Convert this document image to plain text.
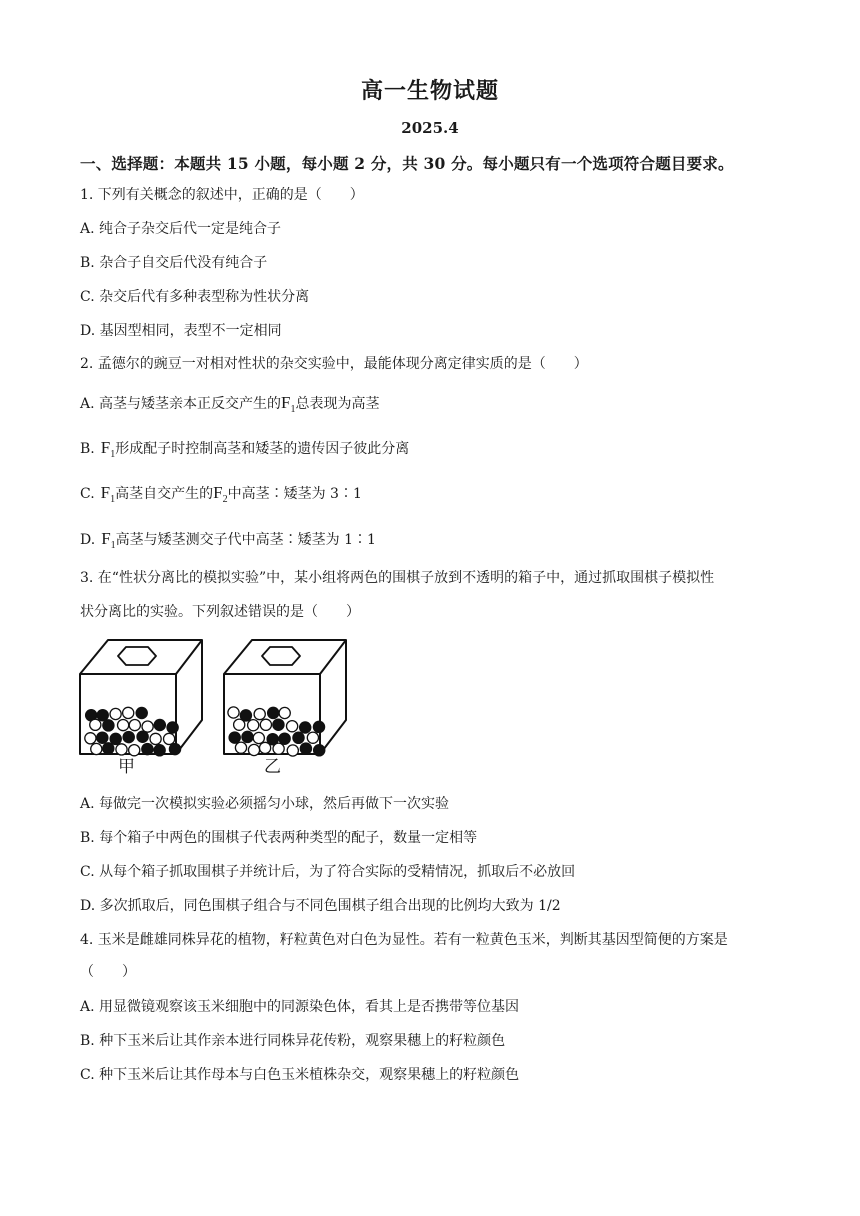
高一生物试题
2025.4
一、选择题：本题共 15 小题，每小题 2 分，共 30 分。每小题只有一个选项符合题目要求。
1. 下列有关概念的叙述中，正确的是（　　）
A. 纯合子杂交后代一定是纯合子
B. 杂合子自交后代没有纯合子
C. 杂交后代有多种表型称为性状分离
D. 基因型相同，表型不一定相同
2. 孟德尔的豌豆一对相对性状的杂交实验中，最能体现分离定律实质的是（　　）
A. 高茎与矮茎亲本正反交产生的$F_1$总表现为高茎
B. $F_1$形成配子时控制高茎和矮茎的遗传因子彼此分离
C. $F_1$高茎自交产生的$F_2$中高茎∶矮茎为 3∶1
D. $F_1$高茎与矮茎测交子代中高茎∶矮茎为 1∶1
3. 在“性状分离比的模拟实验”中，某小组将两色的围棋子放到不透明的箱子中，通过抓取围棋子模拟性
状分离比的实验。下列叙述错误的是（　　）
甲	乙
A. 每做完一次模拟实验必须摇匀小球，然后再做下一次实验
B. 每个箱子中两色的围棋子代表两种类型的配子，数量一定相等
C. 从每个箱子抓取围棋子并统计后，为了符合实际的受精情况，抓取后不必放回
D. 多次抓取后，同色围棋子组合与不同色围棋子组合出现的比例均大致为 1/2
4. 玉米是雌雄同株异花的植物，籽粒黄色对白色为显性。若有一粒黄色玉米，判断其基因型简便的方案是
（　　）
A. 用显微镜观察该玉米细胞中的同源染色体，看其上是否携带等位基因
B. 种下玉米后让其作亲本进行同株异花传粉，观察果穗上的籽粒颜色
C. 种下玉米后让其作母本与白色玉米植株杂交，观察果穗上的籽粒颜色
